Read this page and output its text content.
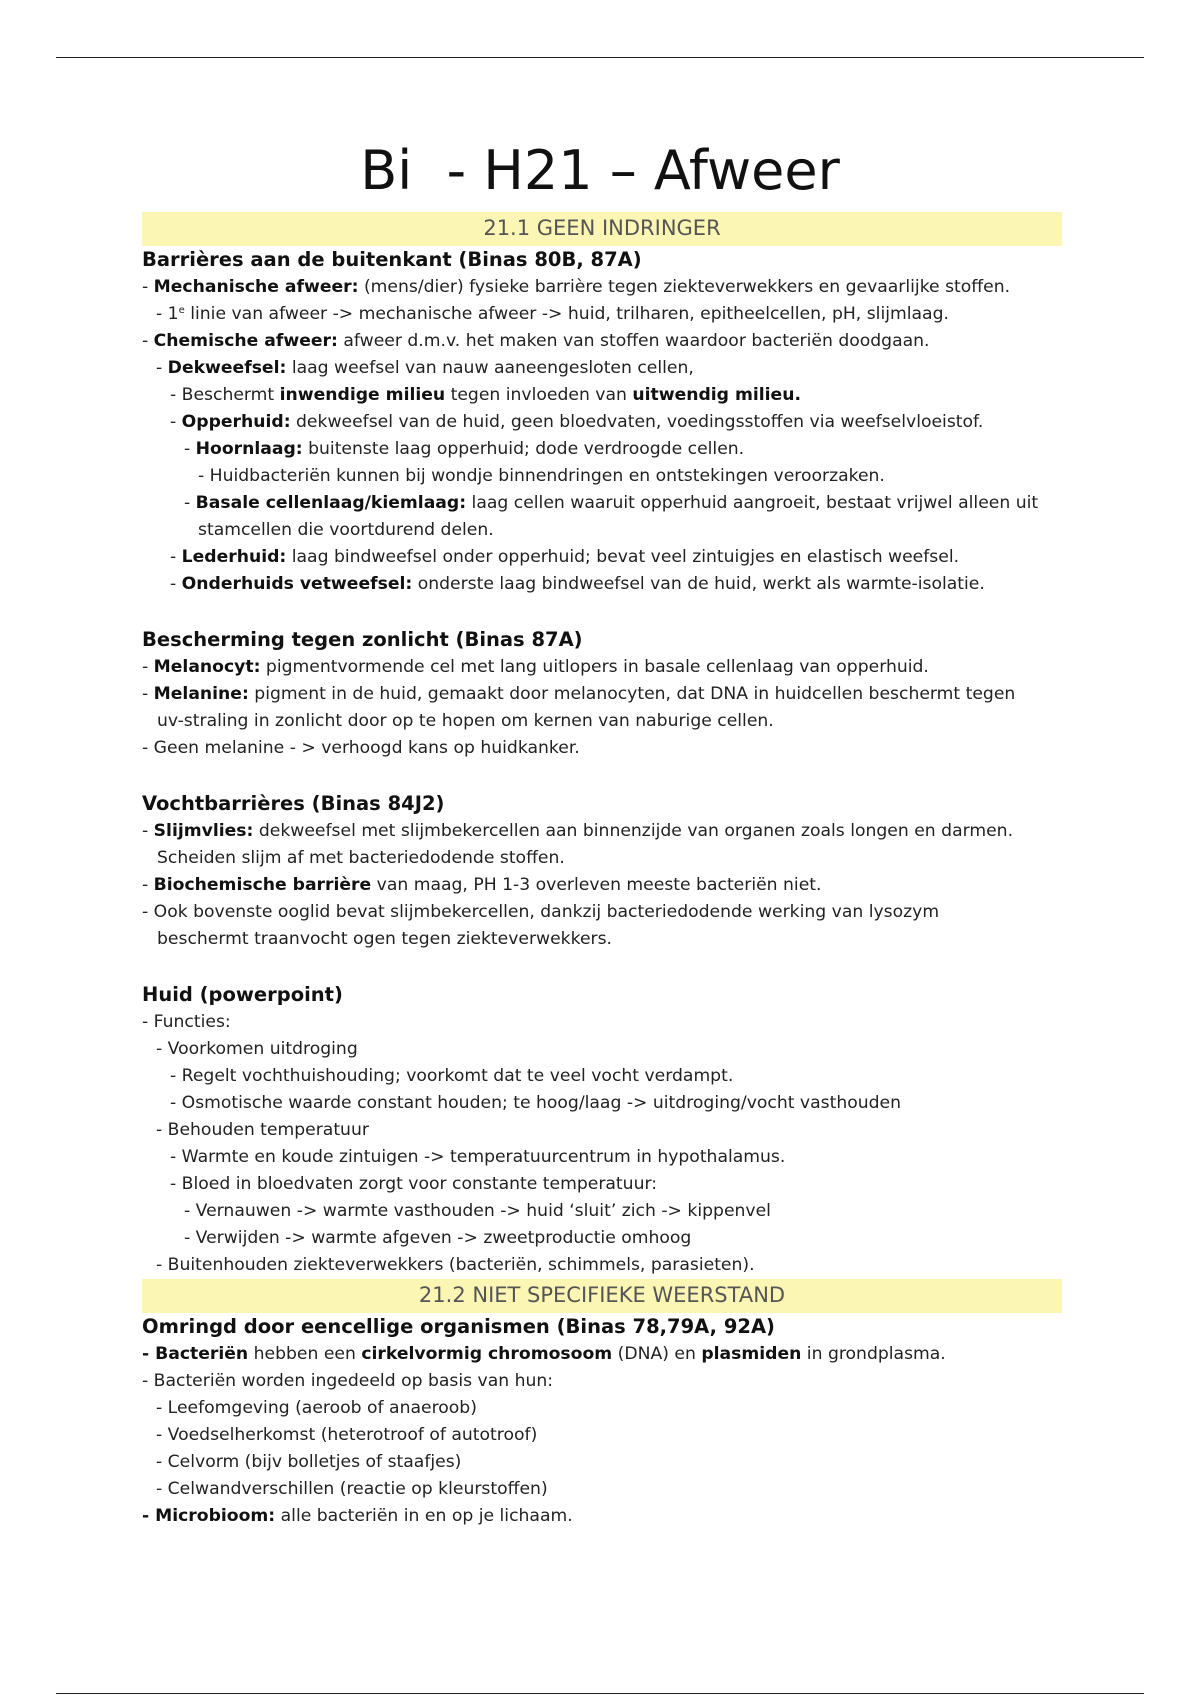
Bi  - H21 – Afweer
21.1 GEEN INDRINGER
Barrières aan de buitenkant (Binas 80B, 87A)
- Mechanische afweer: (mens/dier) fysieke barrière tegen ziekteverwekkers en gevaarlijke stoffen.
- 1e linie van afweer -> mechanische afweer -> huid, trilharen, epitheelcellen, pH, slijmlaag.
- Chemische afweer: afweer d.m.v. het maken van stoffen waardoor bacteriën doodgaan.
- Dekweefsel: laag weefsel van nauw aaneengesloten cellen,
- Beschermt inwendige milieu tegen invloeden van uitwendig milieu.
- Opperhuid: dekweefsel van de huid, geen bloedvaten, voedingsstoffen via weefselvloeistof.
- Hoornlaag: buitenste laag opperhuid; dode verdroogde cellen.
- Huidbacteriën kunnen bij wondje binnendringen en ontstekingen veroorzaken.
- Basale cellenlaag/kiemlaag: laag cellen waaruit opperhuid aangroeit, bestaat vrijwel alleen uit
stamcellen die voortdurend delen.
- Lederhuid: laag bindweefsel onder opperhuid; bevat veel zintuigjes en elastisch weefsel.
- Onderhuids vetweefsel: onderste laag bindweefsel van de huid, werkt als warmte-isolatie.
Bescherming tegen zonlicht (Binas 87A)
- Melanocyt: pigmentvormende cel met lang uitlopers in basale cellenlaag van opperhuid.
- Melanine: pigment in de huid, gemaakt door melanocyten, dat DNA in huidcellen beschermt tegen
uv-straling in zonlicht door op te hopen om kernen van naburige cellen.
- Geen melanine - > verhoogd kans op huidkanker.
Vochtbarrières (Binas 84J2)
- Slijmvlies: dekweefsel met slijmbekercellen aan binnenzijde van organen zoals longen en darmen.
Scheiden slijm af met bacteriedodende stoffen.
- Biochemische barrière van maag, PH 1-3 overleven meeste bacteriën niet.
- Ook bovenste ooglid bevat slijmbekercellen, dankzij bacteriedodende werking van lysozym
beschermt traanvocht ogen tegen ziekteverwekkers.
Huid (powerpoint)
- Functies:
- Voorkomen uitdroging
- Regelt vochthuishouding; voorkomt dat te veel vocht verdampt.
- Osmotische waarde constant houden; te hoog/laag -> uitdroging/vocht vasthouden
- Behouden temperatuur
- Warmte en koude zintuigen -> temperatuurcentrum in hypothalamus.
- Bloed in bloedvaten zorgt voor constante temperatuur:
- Vernauwen -> warmte vasthouden -> huid ‘sluit’ zich -> kippenvel
- Verwijden -> warmte afgeven -> zweetproductie omhoog
- Buitenhouden ziekteverwekkers (bacteriën, schimmels, parasieten).
21.2 NIET SPECIFIEKE WEERSTAND
Omringd door eencellige organismen (Binas 78,79A, 92A)
- Bacteriën hebben een cirkelvormig chromosoom (DNA) en plasmiden in grondplasma.
- Bacteriën worden ingedeeld op basis van hun:
- Leefomgeving (aeroob of anaeroob)
- Voedselherkomst (heterotroof of autotroof)
- Celvorm (bijv bolletjes of staafjes)
- Celwandverschillen (reactie op kleurstoffen)
- Microbioom: alle bacteriën in en op je lichaam.
